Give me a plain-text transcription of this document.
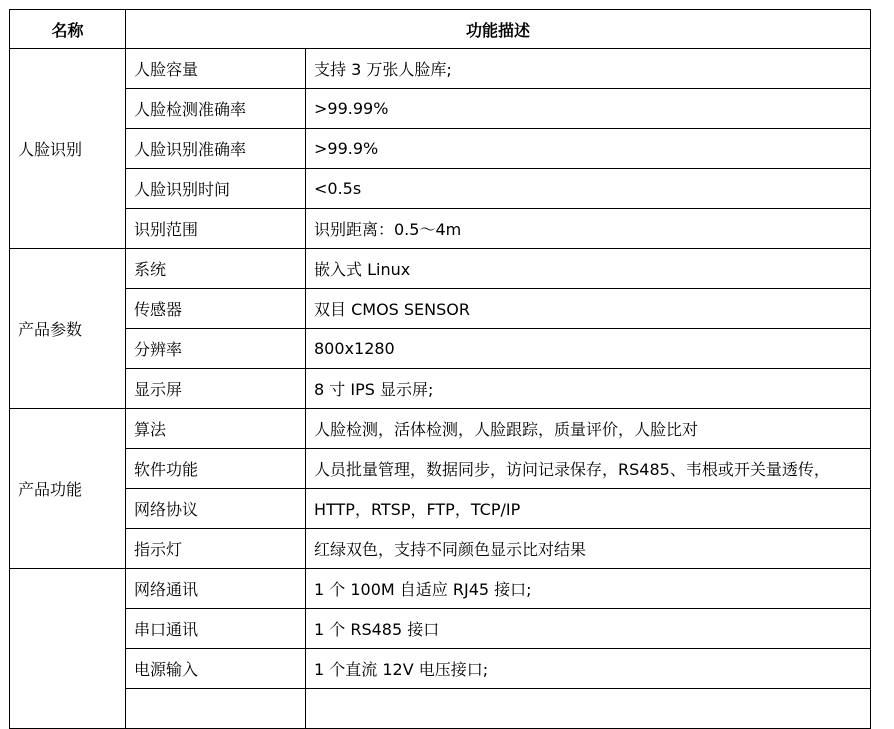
名称	功能描述	
人脸识别	人脸容量	支持 3 万张人脸库;
	人脸检测准确率	>99.99%
	人脸识别准确率	>99.9%
	人脸识别时间	<0.5s
	识别范围	识别距离：0.5～4m
产品参数	系统	嵌入式 Linux
	传感器	双目 CMOS SENSOR
	分辨率	800x1280
	显示屏	8 寸 IPS 显示屏;
产品功能	算法	人脸检测，活体检测，人脸跟踪，质量评价，人脸比对
	软件功能	人员批量管理，数据同步，访问记录保存，RS485、韦根或开关量透传，
	网络协议	HTTP，RTSP，FTP，TCP/IP
	指示灯	红绿双色，支持不同颜色显示比对结果
	网络通讯	1 个 100M 自适应 RJ45 接口;
	串口通讯	1 个 RS485 接口
	电源输入	1 个直流 12V 电压接口;
